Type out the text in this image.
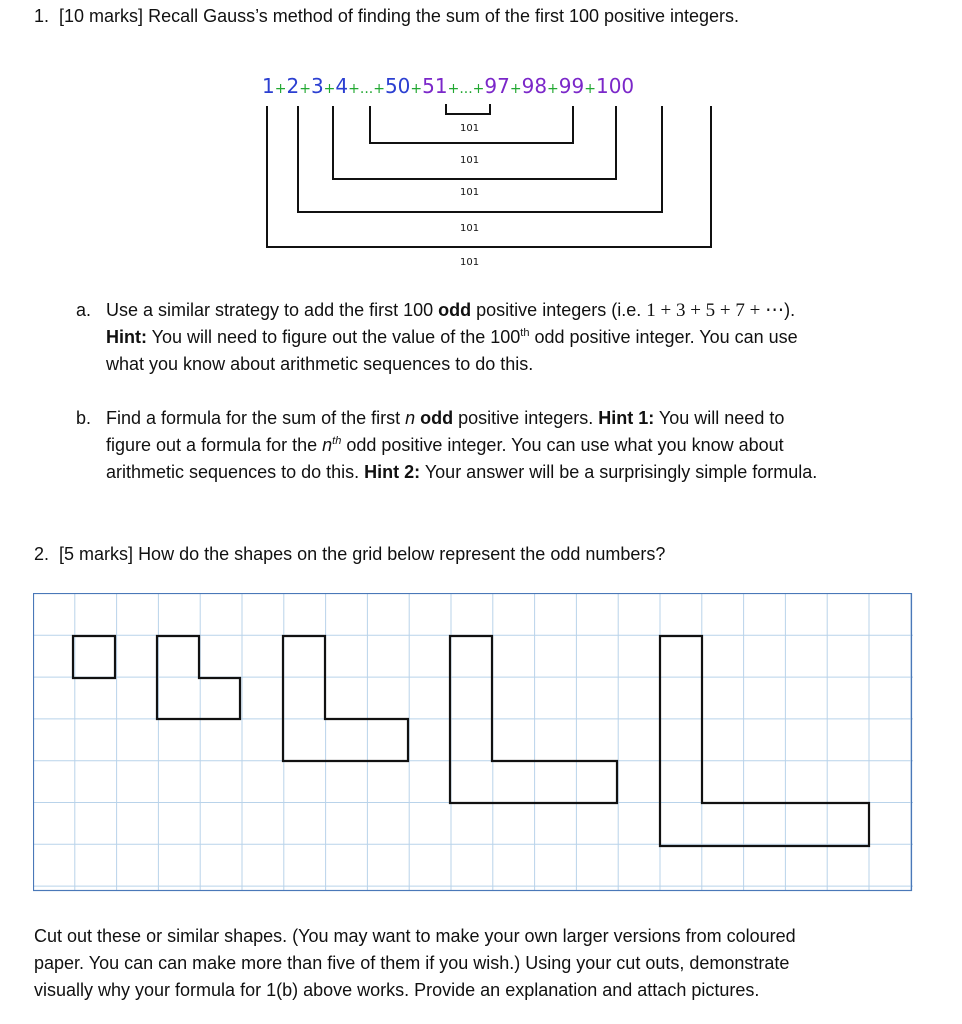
1. [10 marks] Recall Gauss’s method of finding the sum of the first 100 positive integers.
1+2+3+4+...+50+51+...+97+98+99+100
101
101
101
101
101
a. Use a similar strategy to add the first 100 odd positive integers (i.e. 1 + 3 + 5 + 7 + ⋯).
Hint: You will need to figure out the value of the 100th odd positive integer. You can use
what you know about arithmetic sequences to do this.
b. Find a formula for the sum of the first n odd positive integers. Hint 1: You will need to
figure out a formula for the $n^{th}$ odd positive integer. You can use what you know about
arithmetic sequences to do this. Hint 2: Your answer will be a surprisingly simple formula.
2. [5 marks] How do the shapes on the grid below represent the odd numbers?
Cut out these or similar shapes. (You may want to make your own larger versions from coloured
paper. You can can make more than five of them if you wish.) Using your cut outs, demonstrate
visually why your formula for 1(b) above works. Provide an explanation and attach pictures.
